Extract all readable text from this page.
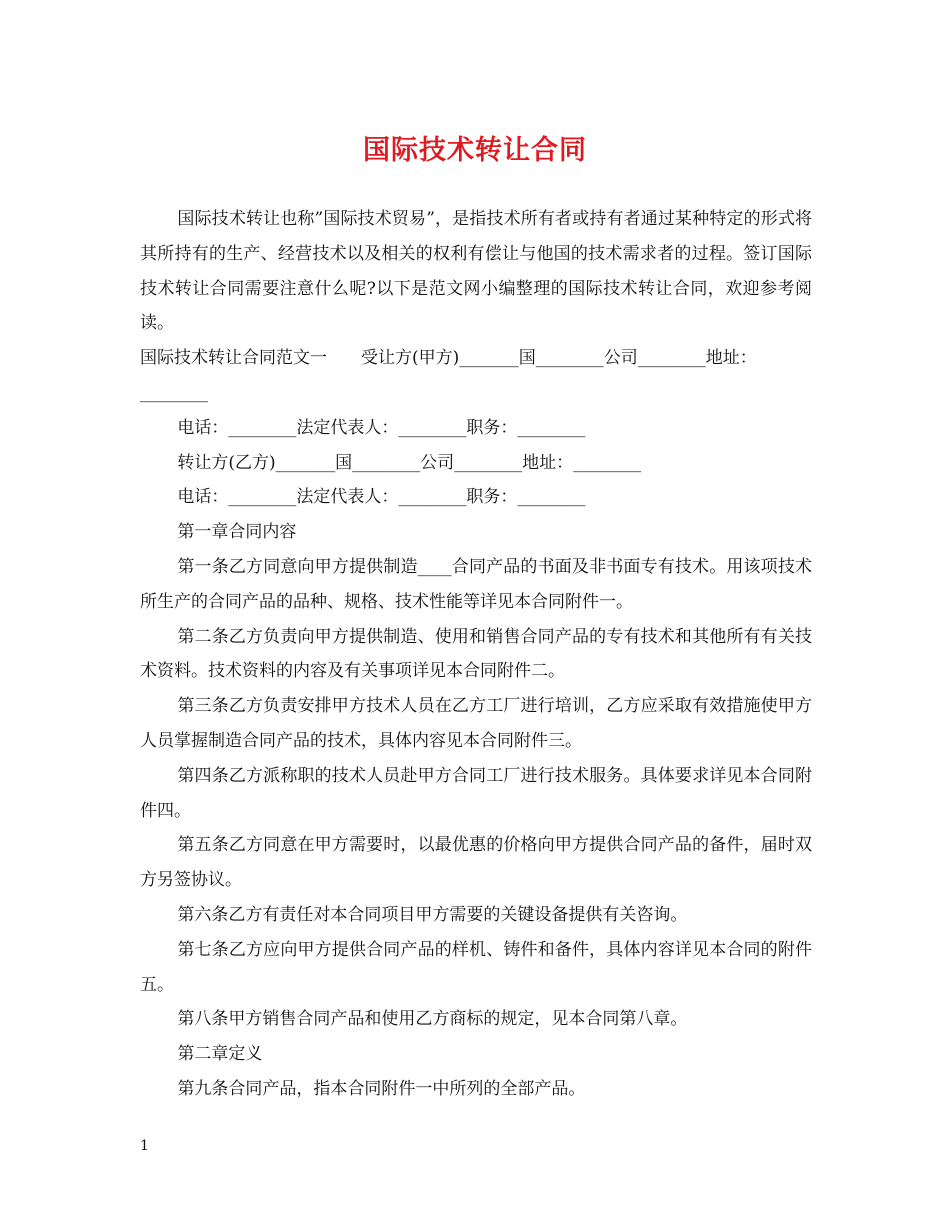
国际技术转让合同

国际技术转让也称”国际技术贸易”，是指技术所有者或持有者通过某种特定的形式将其所持有的生产、经营技术以及相关的权利有偿让与他国的技术需求者的过程。签订国际技术转让合同需要注意什么呢?以下是范文网小编整理的国际技术转让合同，欢迎参考阅读。

国际技术转让合同范文一　　受让方(甲方)_______国________公司________地址：

________

电话：________法定代表人：________职务：________

转让方(乙方)_______国________公司________地址：________

电话：________法定代表人：________职务：________

第一章合同内容

第一条乙方同意向甲方提供制造____合同产品的书面及非书面专有技术。用该项技术所生产的合同产品的品种、规格、技术性能等详见本合同附件一。

第二条乙方负责向甲方提供制造、使用和销售合同产品的专有技术和其他所有有关技术资料。技术资料的内容及有关事项详见本合同附件二。

第三条乙方负责安排甲方技术人员在乙方工厂进行培训，乙方应采取有效措施使甲方人员掌握制造合同产品的技术，具体内容见本合同附件三。

第四条乙方派称职的技术人员赴甲方合同工厂进行技术服务。具体要求详见本合同附件四。

第五条乙方同意在甲方需要时，以最优惠的价格向甲方提供合同产品的备件，届时双方另签协议。

第六条乙方有责任对本合同项目甲方需要的关键设备提供有关咨询。

第七条乙方应向甲方提供合同产品的样机、铸件和备件，具体内容详见本合同的附件五。

第八条甲方销售合同产品和使用乙方商标的规定，见本合同第八章。

第二章定义

第九条合同产品，指本合同附件一中所列的全部产品。

1
